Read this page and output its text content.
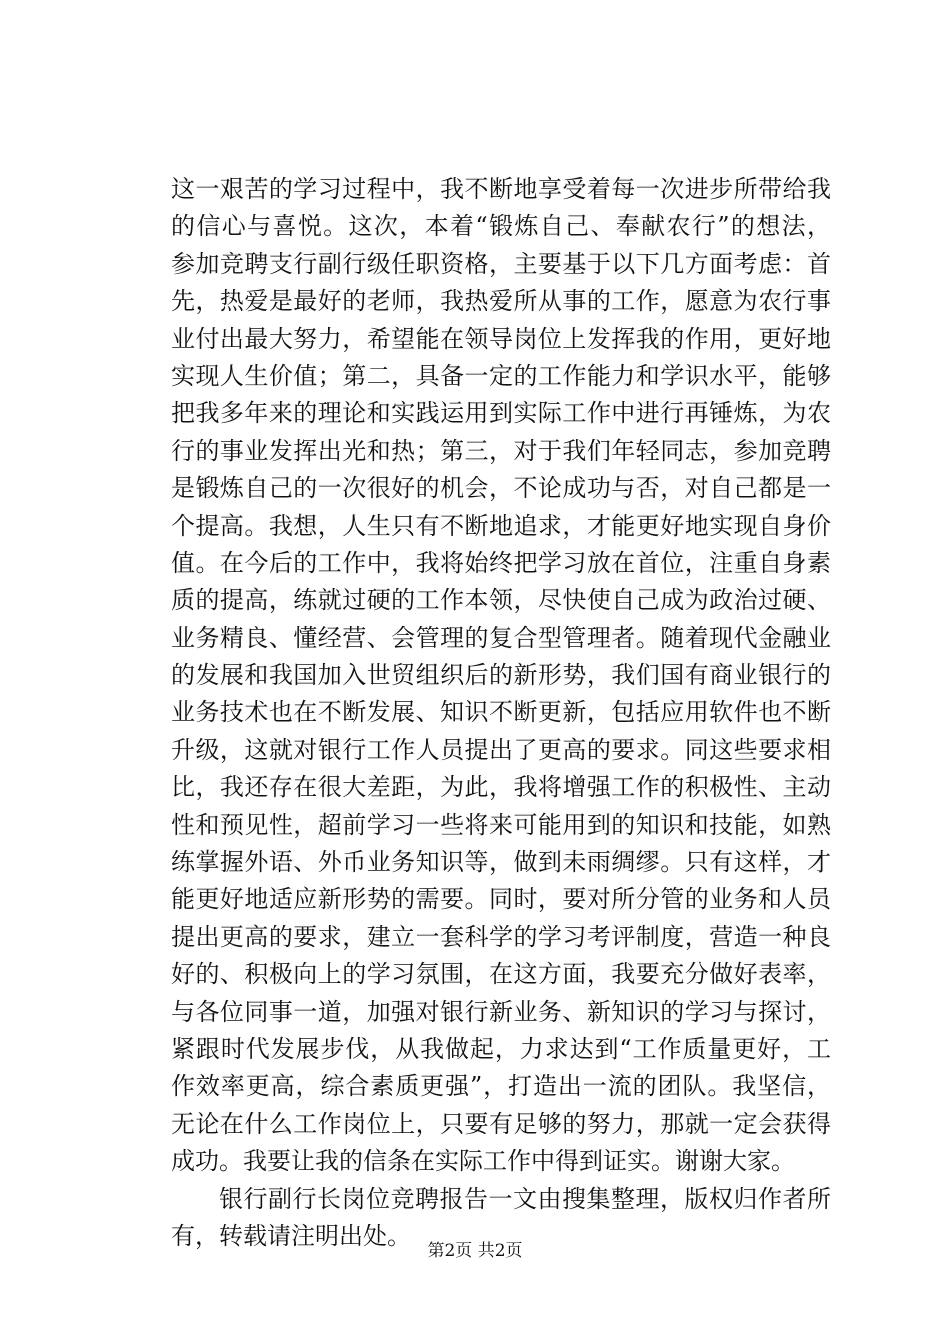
这一艰苦的学习过程中，我不断地享受着每一次进步所带给我
的信心与喜悦。这次，本着“锻炼自己、奉献农行”的想法，
参加竞聘支行副行级任职资格，主要基于以下几方面考虑：首
先，热爱是最好的老师，我热爱所从事的工作，愿意为农行事
业付出最大努力，希望能在领导岗位上发挥我的作用，更好地
实现人生价值；第二，具备一定的工作能力和学识水平，能够
把我多年来的理论和实践运用到实际工作中进行再锤炼，为农
行的事业发挥出光和热；第三，对于我们年轻同志，参加竞聘
是锻炼自己的一次很好的机会，不论成功与否，对自己都是一
个提高。我想，人生只有不断地追求，才能更好地实现自身价
值。在今后的工作中，我将始终把学习放在首位，注重自身素
质的提高，练就过硬的工作本领，尽快使自己成为政治过硬、
业务精良、懂经营、会管理的复合型管理者。随着现代金融业
的发展和我国加入世贸组织后的新形势，我们国有商业银行的
业务技术也在不断发展、知识不断更新，包括应用软件也不断
升级，这就对银行工作人员提出了更高的要求。同这些要求相
比，我还存在很大差距，为此，我将增强工作的积极性、主动
性和预见性，超前学习一些将来可能用到的知识和技能，如熟
练掌握外语、外币业务知识等，做到未雨绸缪。只有这样，才
能更好地适应新形势的需要。同时，要对所分管的业务和人员
提出更高的要求，建立一套科学的学习考评制度，营造一种良
好的、积极向上的学习氛围，在这方面，我要充分做好表率，
与各位同事一道，加强对银行新业务、新知识的学习与探讨，
紧跟时代发展步伐，从我做起，力求达到“工作质量更好，工
作效率更高，综合素质更强”，打造出一流的团队。我坚信，
无论在什么工作岗位上，只要有足够的努力，那就一定会获得
成功。我要让我的信条在实际工作中得到证实。谢谢大家。
银行副行长岗位竞聘报告一文由搜集整理，版权归作者所
有，转载请注明出处。
第2页 共2页
